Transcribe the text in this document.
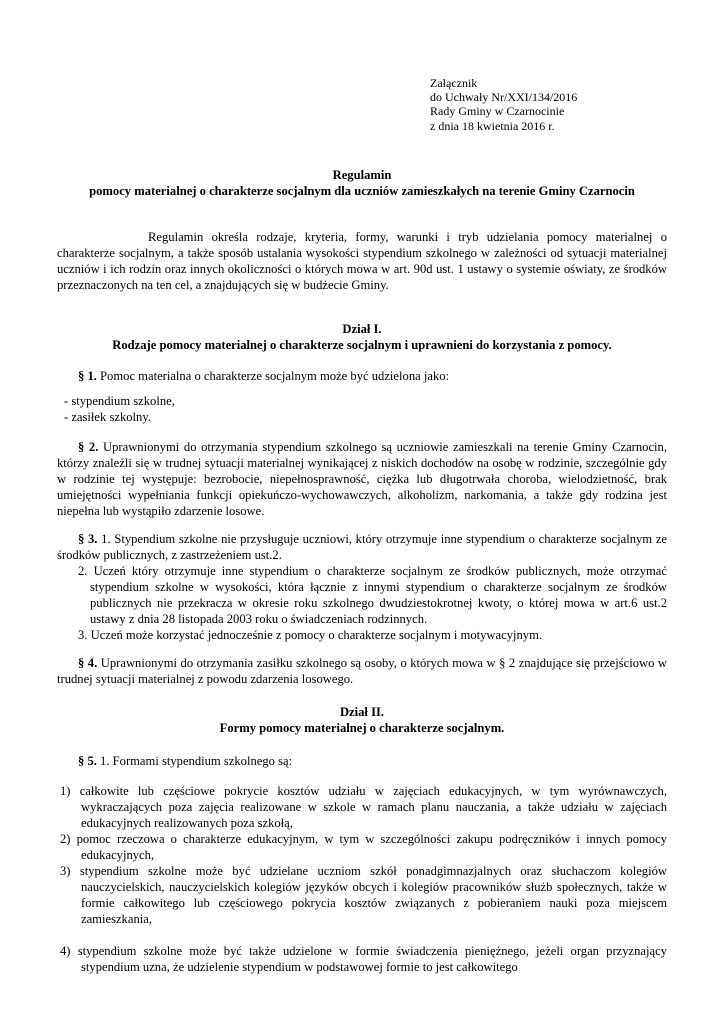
Załącznik
do Uchwały Nr/XXI/134/2016
Rady Gminy w Czarnocinie
z dnia 18 kwietnia 2016 r.
Regulamin
pomocy materialnej o charakterze socjalnym dla uczniów zamieszkałych na terenie Gminy Czarnocin

Regulamin określa rodzaje, kryteria, formy, warunki i tryb udzielania pomocy materialnej o charakterze socjalnym, a także sposób ustalania wysokości stypendium szkolnego w zależności od sytuacji materialnej uczniów i ich rodzin oraz innych okoliczności o których mowa w art. 90d ust. 1 ustawy o systemie oświaty, ze środków przeznaczonych na ten cel, a znajdujących się w budżecie Gminy.

Dział I.
Rodzaje pomocy materialnej o charakterze socjalnym i uprawnieni do korzystania z pomocy.

§ 1. Pomoc materialna o charakterze socjalnym może być udzielona jako:

- stypendium szkolne,
- zasiłek szkolny.

§ 2. Uprawnionymi do otrzymania stypendium szkolnego są uczniowie zamieszkali na terenie Gminy Czarnocin, którzy znaleźli się w trudnej sytuacji materialnej wynikającej z niskich dochodów na osobę w rodzinie, szczególnie gdy w rodzinie tej występuje: bezrobocie, niepełnosprawność, ciężka lub długotrwała choroba, wielodzietność, brak umiejętności wypełniania funkcji opiekuńczo-wychowawczych, alkoholizm, narkomania, a także gdy rodzina jest niepełna lub wystąpiło zdarzenie losowe.

§ 3. 1. Stypendium szkolne nie przysługuje uczniowi, który otrzymuje inne stypendium o charakterze socjalnym ze środków publicznych, z zastrzeżeniem ust.2.

2. Uczeń który otrzymuje inne stypendium o charakterze socjalnym ze środków publicznych, może otrzymać stypendium szkolne w wysokości, która łącznie z innymi stypendium o charakterze socjalnym ze środków publicznych nie przekracza w okresie roku szkolnego dwudziestokrotnej kwoty, o której mowa w art.6 ust.2 ustawy z dnia 28 listopada 2003 roku o świadczeniach rodzinnych.

3. Uczeń może korzystać jednocześnie z pomocy o charakterze socjalnym i motywacyjnym.

§ 4. Uprawnionymi do otrzymania zasiłku szkolnego są osoby, o których mowa w § 2 znajdujące się przejściowo w trudnej sytuacji materialnej z powodu zdarzenia losowego.

Dział II.
Formy pomocy materialnej o charakterze socjalnym.

§ 5. 1. Formami stypendium szkolnego są:

1) całkowite lub częściowe pokrycie kosztów udziału w zajęciach edukacyjnych, w tym wyrównawczych, wykraczających poza zajęcia realizowane w szkole w ramach planu nauczania, a także udziału w zajęciach edukacyjnych realizowanych poza szkołą,

2) pomoc rzeczowa o charakterze edukacyjnym, w tym w szczególności zakupu podręczników i innych pomocy edukacyjnych,

3) stypendium szkolne może być udzielane uczniom szkół ponadgimnazjalnych oraz słuchaczom kolegiów nauczycielskich, nauczycielskich kolegiów języków obcych i kolegiów pracowników służb społecznych, także w formie całkowitego lub częściowego pokrycia kosztów związanych z pobieraniem nauki poza miejscem zamieszkania,

4) stypendium szkolne może być także udzielone w formie świadczenia pieniężnego, jeżeli organ przyznający stypendium uzna, że udzielenie stypendium w podstawowej formie to jest całkowitego
